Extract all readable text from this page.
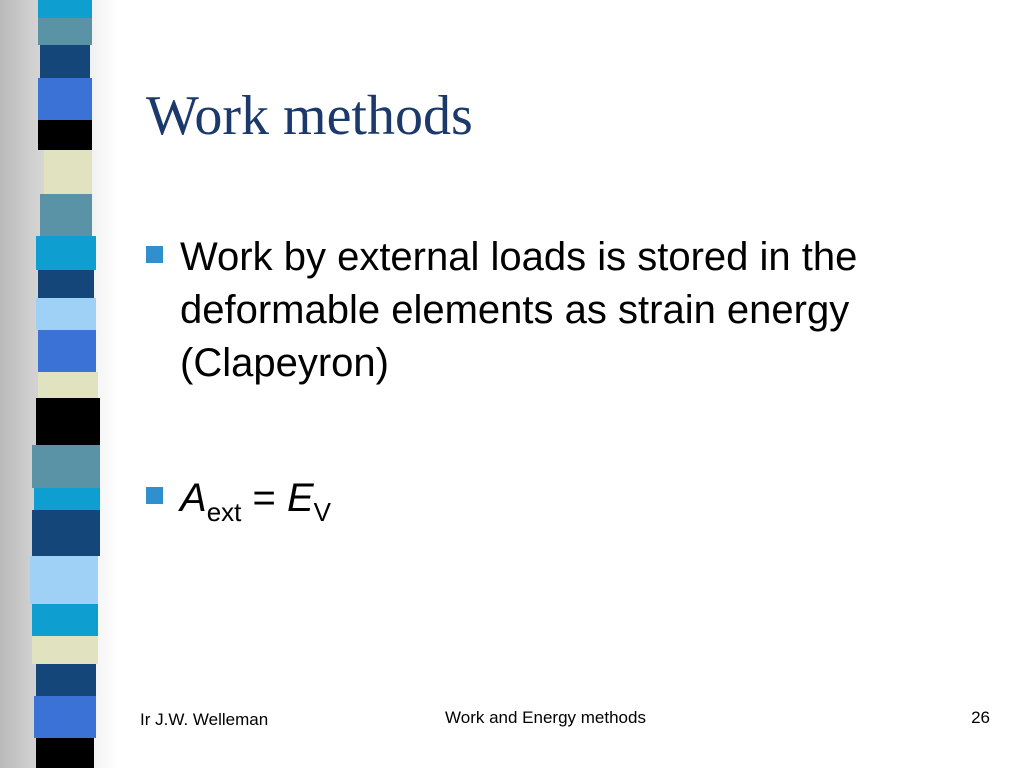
Work methods
Work by external loads is stored in the deformable elements as strain energy (Clapeyron)
$A_{ext} = E_V$
Ir J.W. Welleman	Work and Energy methods	26
